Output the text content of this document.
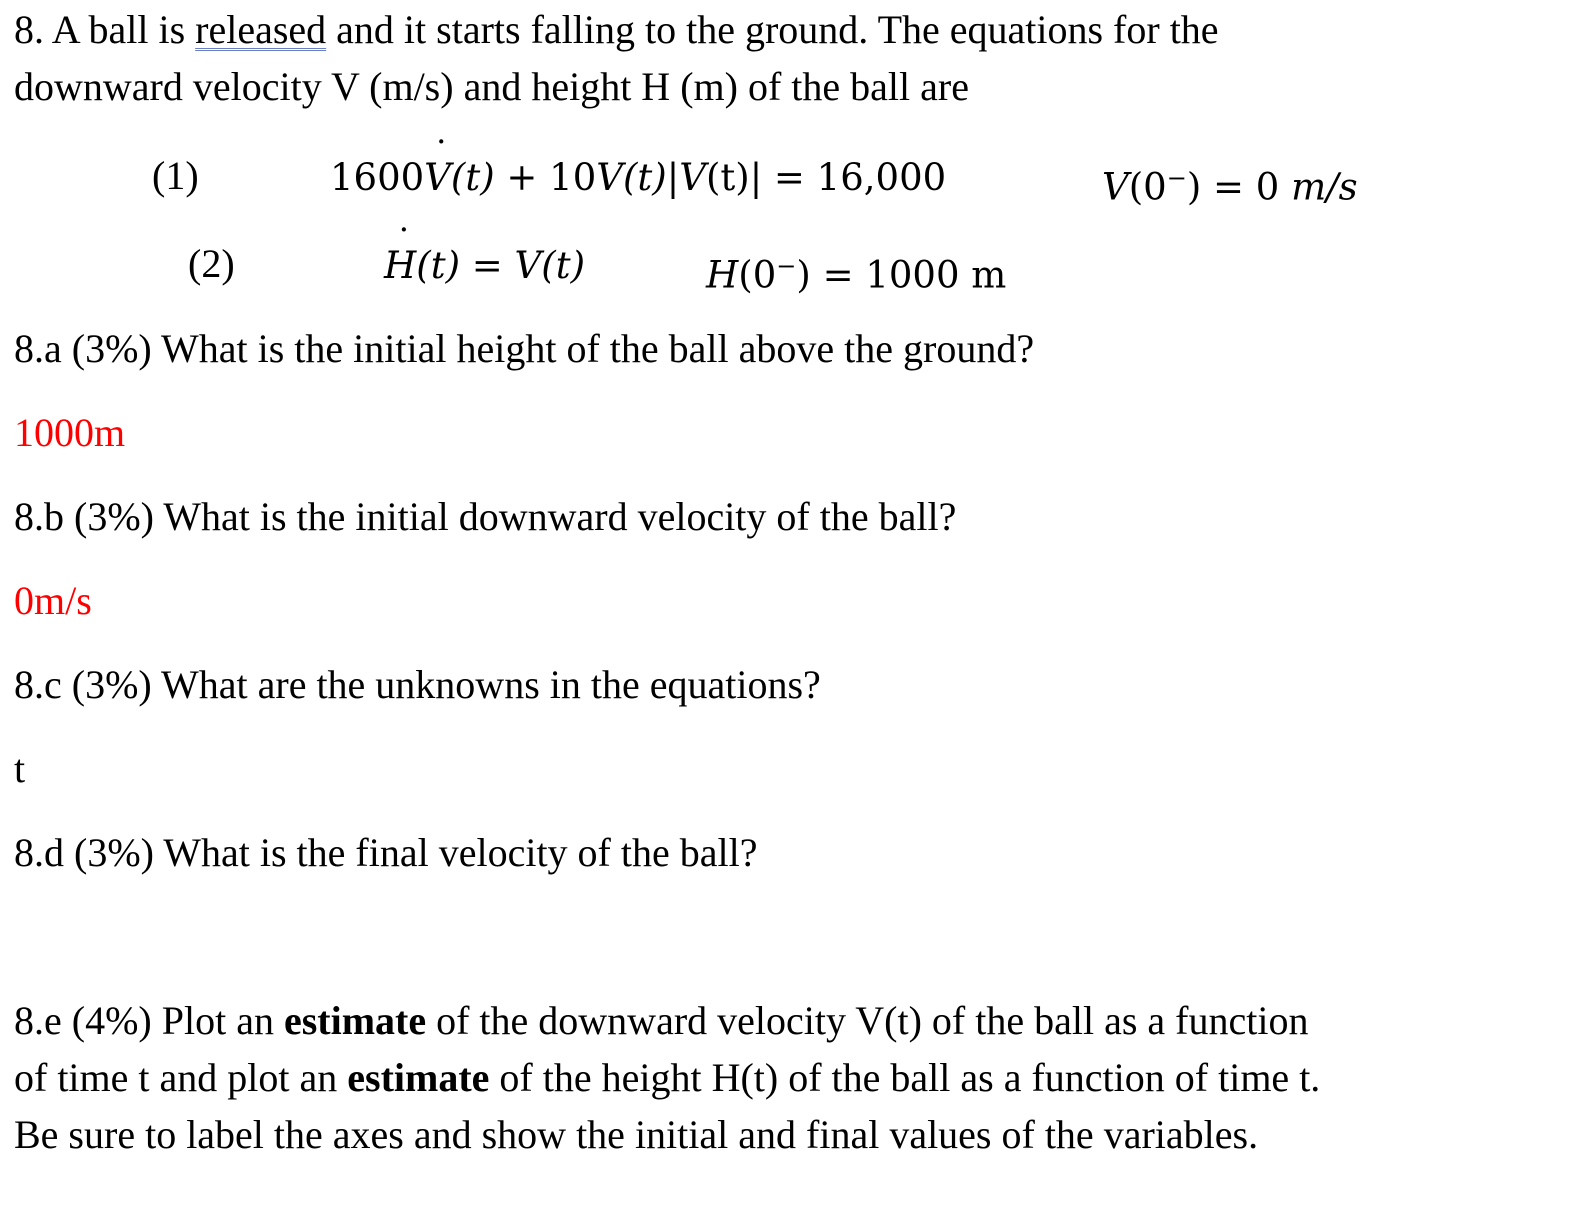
8. A ball is released and it starts falling to the ground. The equations for the
downward velocity V (m/s) and height H (m) of the ball are
(1)	1600V ˙(t) + 10V(t)|V(t)| = 16,000	V(0−) = 0 m/s
(2)	H ˙(t) = V(t)	H(0−) = 1000 m
8.a (3%) What is the initial height of the ball above the ground?
1000m
8.b (3%) What is the initial downward velocity of the ball?
0m/s
8.c (3%) What are the unknowns in the equations?
t
8.d (3%) What is the final velocity of the ball?
8.e (4%) Plot an estimate of the downward velocity V(t) of the ball as a function
of time t and plot an estimate of the height H(t) of the ball as a function of time t.
Be sure to label the axes and show the initial and final values of the variables.
